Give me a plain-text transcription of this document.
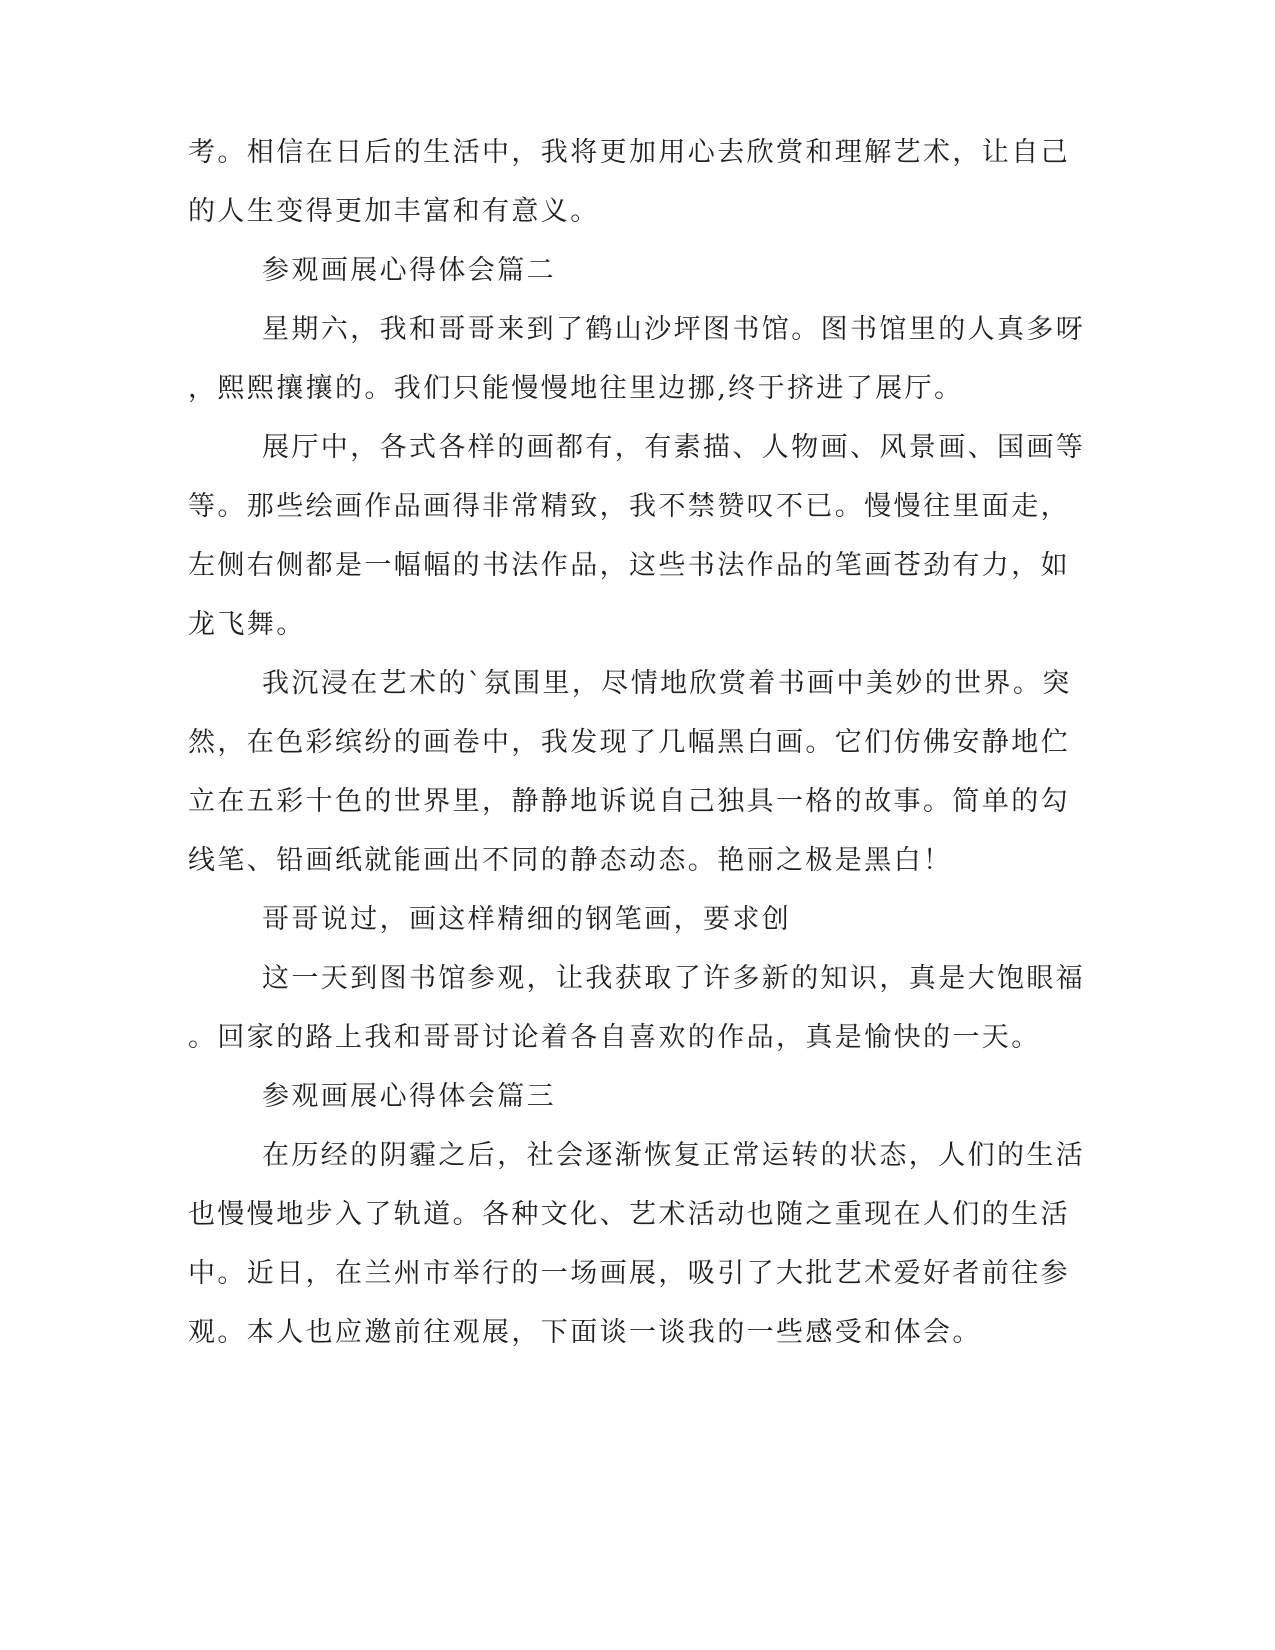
考。相信在日后的生活中，我将更加用心去欣赏和理解艺术，让自己

的人生变得更加丰富和有意义。

参观画展心得体会篇二

星期六，我和哥哥来到了鹤山沙坪图书馆。图书馆里的人真多呀

，熙熙攘攘的。我们只能慢慢地往里边挪,终于挤进了展厅。

展厅中，各式各样的画都有，有素描、人物画、风景画、国画等

等。那些绘画作品画得非常精致，我不禁赞叹不已。慢慢往里面走，

左侧右侧都是一幅幅的书法作品，这些书法作品的笔画苍劲有力，如

龙飞舞。

我沉浸在艺术的`氛围里，尽情地欣赏着书画中美妙的世界。突

然，在色彩缤纷的画卷中，我发现了几幅黑白画。它们仿佛安静地伫

立在五彩十色的世界里，静静地诉说自己独具一格的故事。简单的勾

线笔、铅画纸就能画出不同的静态动态。艳丽之极是黑白！

哥哥说过，画这样精细的钢笔画，要求创

这一天到图书馆参观，让我获取了许多新的知识，真是大饱眼福

。回家的路上我和哥哥讨论着各自喜欢的作品，真是愉快的一天。

参观画展心得体会篇三

在历经的阴霾之后，社会逐渐恢复正常运转的状态，人们的生活

也慢慢地步入了轨道。各种文化、艺术活动也随之重现在人们的生活

中。近日，在兰州市举行的一场画展，吸引了大批艺术爱好者前往参

观。本人也应邀前往观展，下面谈一谈我的一些感受和体会。
